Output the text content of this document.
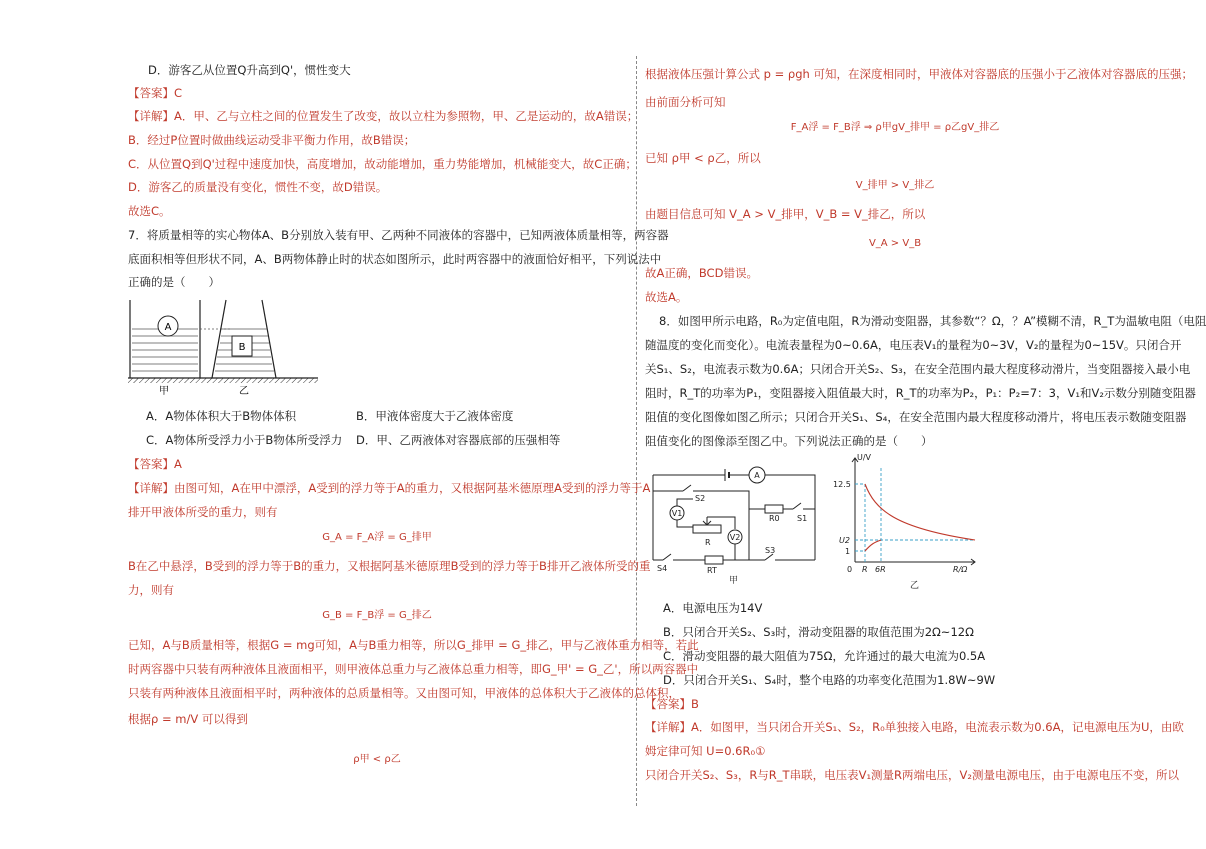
D．游客乙从位置Q升高到Q'，惯性变大
【答案】C
【详解】A．甲、乙与立柱之间的位置发生了改变，故以立柱为参照物，甲、乙是运动的，故A错误；
B．经过P位置时做曲线运动受非平衡力作用，故B错误；
C．从位置Q到Q'过程中速度加快，高度增加，故动能增加，重力势能增加，机械能变大，故C正确；
D．游客乙的质量没有变化，惯性不变，故D错误。
故选C。
7．将质量相等的实心物体A、B分别放入装有甲、乙两种不同液体的容器中，已知两液体质量相等，两容器
底面积相等但形状不同，A、B两物体静止时的状态如图所示，此时两容器中的液面恰好相平，下列说法中
正确的是（　　）
A
B
甲	乙
A．A物体体积大于B物体体积	B．甲液体密度大于乙液体密度
C．A物体所受浮力小于B物体所受浮力 D．甲、乙两液体对容器底部的压强相等
【答案】A
【详解】由图可知，A在甲中漂浮，A受到的浮力等于A的重力，又根据阿基米德原理A受到的浮力等于A
排开甲液体所受的重力，则有
G_A = F_A浮 = G_排甲
B在乙中悬浮，B受到的浮力等于B的重力，又根据阿基米德原理B受到的浮力等于B排开乙液体所受的重
力，则有
G_B = F_B浮 = G_排乙
已知，A与B质量相等，根据G = mg可知，A与B重力相等，所以G_排甲 = G_排乙，甲与乙液体重力相等，若此
时两容器中只装有两种液体且液面相平，则甲液体总重力与乙液体总重力相等，即G_甲' = G_乙'，所以两容器中
只装有两种液体且液面相平时，两种液体的总质量相等。又由图可知，甲液体的总体积大于乙液体的总体积，
根据ρ = m/V 可以得到
ρ甲 < ρ乙
根据液体压强计算公式 p = ρgh 可知，在深度相同时，甲液体对容器底的压强小于乙液体对容器底的压强；
由前面分析可知
F_A浮 = F_B浮 ⇒ ρ甲gV_排甲 = ρ乙gV_排乙
已知 ρ甲 < ρ乙，所以
V_排甲 > V_排乙
由题目信息可知 V_A > V_排甲，V_B = V_排乙，所以
V_A > V_B
故A正确，BCD错误。
故选A。
8．如图甲所示电路，R₀为定值电阻，R为滑动变阻器，其参数“？Ω，？A”模糊不清，R_T为温敏电阻（电阻
随温度的变化而变化）。电流表量程为0~0.6A，电压表V₁的量程为0~3V，V₂的量程为0~15V。只闭合开
关S₁、S₂，电流表示数为0.6A；只闭合开关S₂、S₃，在安全范围内最大程度移动滑片，当变阻器接入最小电
阻时，R_T的功率为P₁，变阻器接入阻值最大时，R_T的功率为P₂，P₁：P₂=7：3，V₁和V₂示数分别随变阻器
阻值的变化图像如图乙所示；只闭合开关S₁、S₄，在安全范围内最大程度移动滑片，将电压表示数随变阻器
阻值变化的图像添至图乙中。下列说法正确的是（　　）
A
S2
V1
R0 S1
R
V2
S4	RT
S3
甲
U/V
12.5
U2
1
0 R 6R	R/Ω
乙
A．电源电压为14V
B．只闭合开关S₂、S₃时，滑动变阻器的取值范围为2Ω~12Ω
C．滑动变阻器的最大阻值为75Ω，允许通过的最大电流为0.5A
D．只闭合开关S₁、S₄时，整个电路的功率变化范围为1.8W~9W
【答案】B
【详解】A．如图甲，当只闭合开关S₁、S₂，R₀单独接入电路，电流表示数为0.6A，记电源电压为U，由欧
姆定律可知 U=0.6R₀①
只闭合开关S₂、S₃，R与R_T串联，电压表V₁测量R两端电压，V₂测量电源电压，由于电源电压不变，所以
